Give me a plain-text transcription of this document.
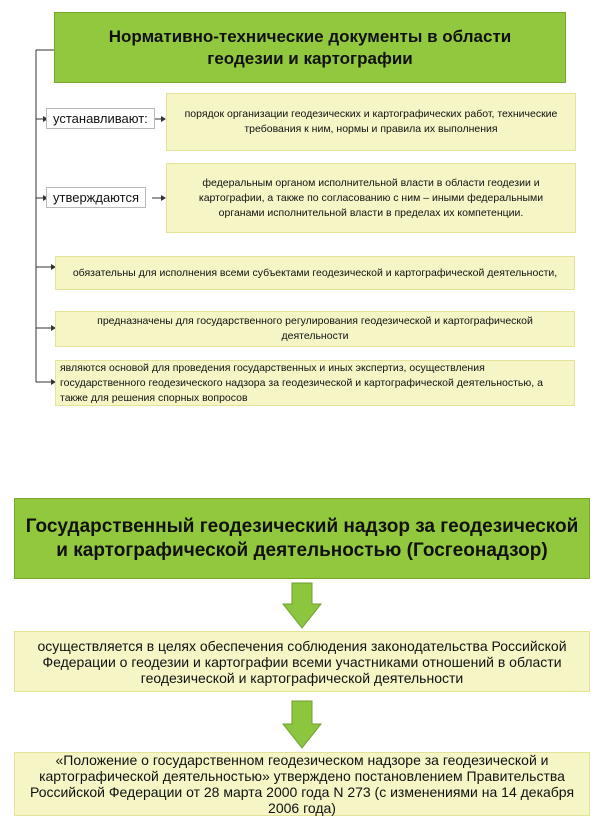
Нормативно-технические документы в области геодезии и картографии
устанавливают:
утверждаются
порядок организации геодезических и картографических работ, технические требования к ним, нормы и правила их выполнения
федеральным органом исполнительной власти в области геодезии и картографии, а также по согласованию с ним – иными федеральными органами исполнительной власти в пределах их компетенции.
обязательны для исполнения всеми субъектами геодезической и картографической деятельности,
предназначены для государственного регулирования геодезической и картографической деятельности
являются основой для проведения государственных и иных экспертиз, осуществления государственного геодезического надзора за геодезической и картографической деятельностью, а также для решения спорных вопросов
Государственный геодезический надзор за геодезической и картографической деятельностью (Госгеонадзор)
осуществляется в целях обеспечения соблюдения законодательства Российской Федерации о геодезии и картографии всеми участниками отношений в области геодезической и картографической деятельности
«Положение о государственном геодезическом надзоре за геодезической и картографической деятельностью» утверждено постановлением Правительства Российской Федерации от 28 марта 2000 года N 273 (с изменениями на 14 декабря 2006 года)
